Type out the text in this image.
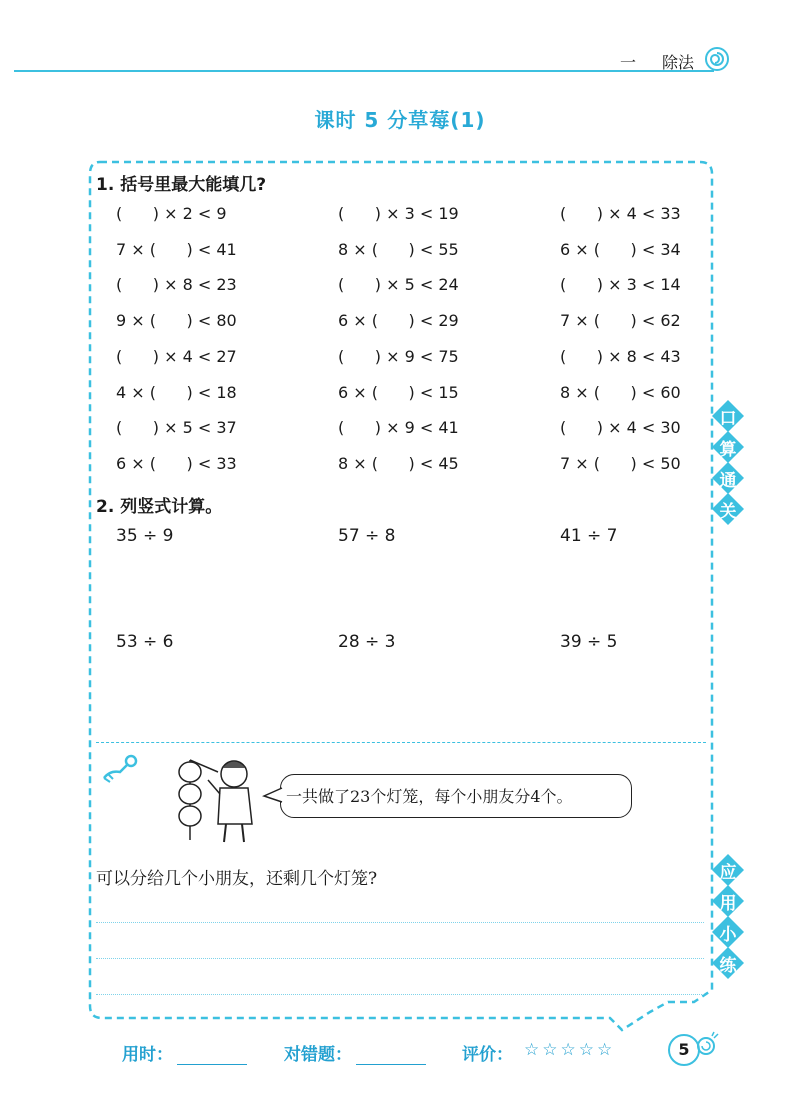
一 除法
课时 5 分草莓(1)
1. 括号里最大能填几?
(      ) × 2 < 9	(      ) × 3 < 19	(      ) × 4 < 33
7 × (      ) < 41	8 × (      ) < 55	6 × (      ) < 34
(      ) × 8 < 23	(      ) × 5 < 24	(      ) × 3 < 14
9 × (      ) < 80	6 × (      ) < 29	7 × (      ) < 62
(      ) × 4 < 27	(      ) × 9 < 75	(      ) × 8 < 43
4 × (      ) < 18	6 × (      ) < 15	8 × (      ) < 60
(      ) × 5 < 37	(      ) × 9 < 41	(      ) × 4 < 30
6 × (      ) < 33	8 × (      ) < 45	7 × (      ) < 50
2. 列竖式计算。
35 ÷ 9	57 ÷ 8	41 ÷ 7
53 ÷ 6	28 ÷ 3	39 ÷ 5
一共做了23个灯笼，每个小朋友分4个。
可以分给几个小朋友，还剩几个灯笼?
口
算
通
关
应
用
小
练
用时：	对错题：	评价： ☆☆☆☆☆	5
